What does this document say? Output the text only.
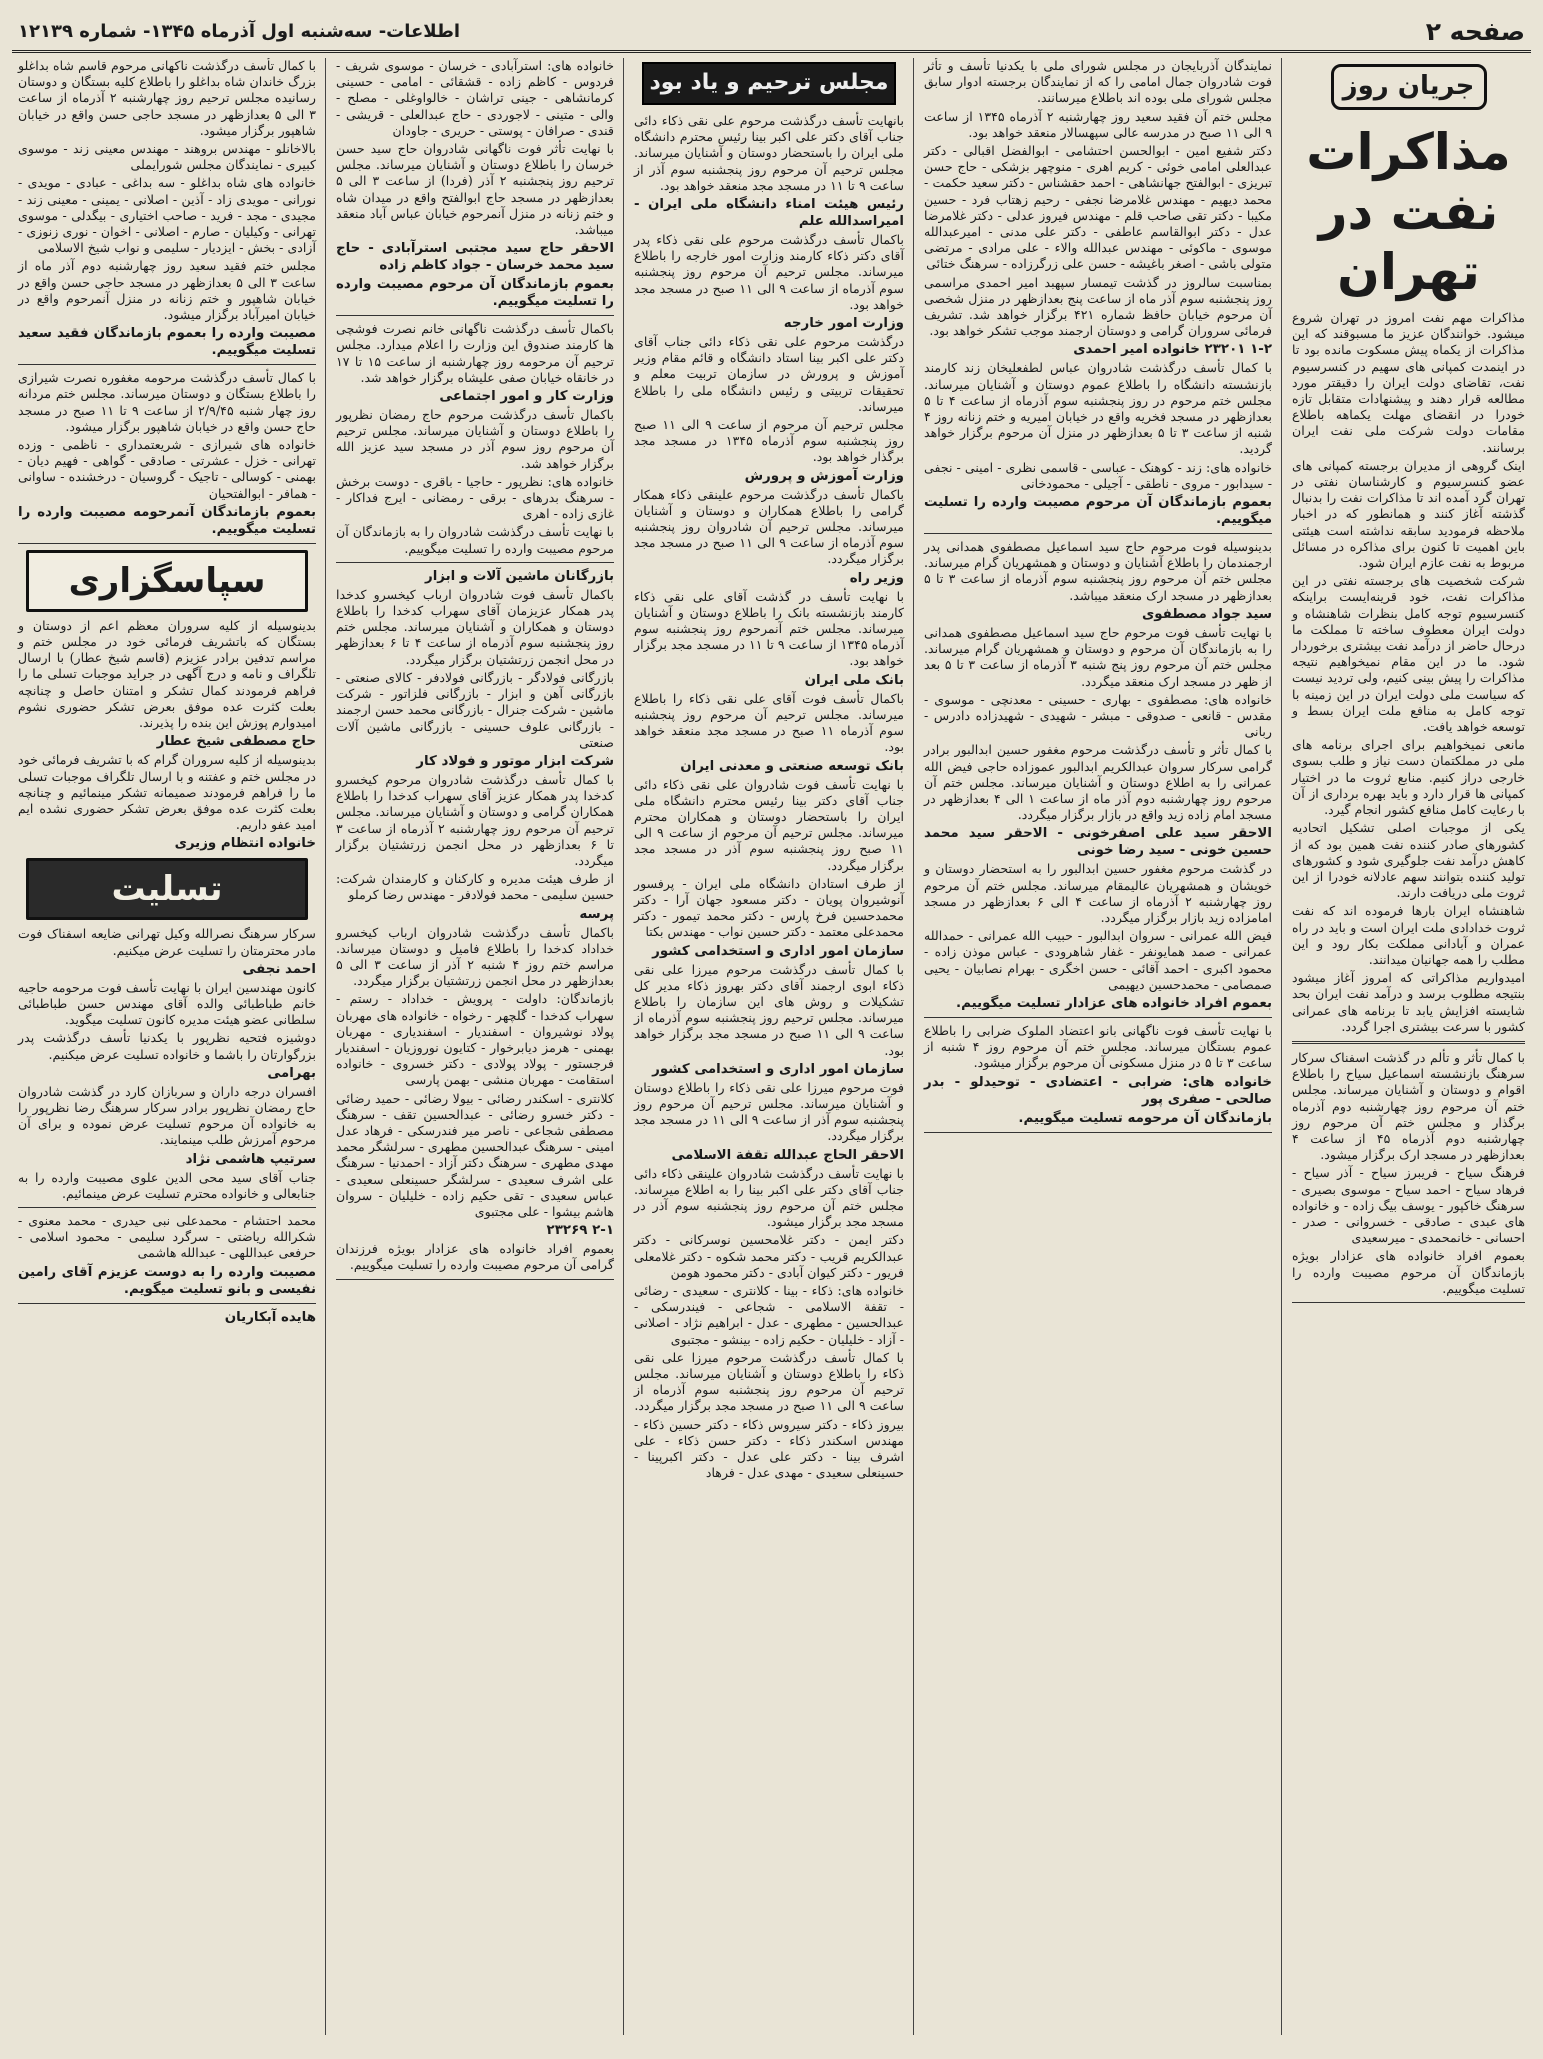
صفحه ۲
اطلاعات- سه‌شنبه اول آذرماه ۱۳۴۵- شماره ۱۲۱۳۹
جریان روز
مذاکرات نفت در تهران

مذاکرات مهم نفت امروز در تهران شروع میشود. خوانندگان عزیز ما مسبوقند که این مذاکرات از یکماه پیش مسکوت مانده بود تا در اینمدت کمپانی های سهیم در کنسرسیوم نفت، تقاضای دولت ایران را دقیقتر مورد مطالعه قرار دهند و پیشنهادات متقابل تازه خودرا در انقضای مهلت یکماهه باطلاع مقامات دولت شرکت ملی نفت ایران برسانند.

اینک گروهی از مدیران برجسته کمپانی های عضو کنسرسیوم و کارشناسان نفتی در تهران گرد آمده اند تا مذاکرات نفت را بدنبال گذشته آغاز کنند و همانطور که در اخبار ملاحظه فرمودید سابقه نداشته است هیئتی باین اهمیت تا کنون برای مذاکره در مسائل مربوط به نفت عازم ایران شود.

شرکت شخصیت های برجسته نفتی در این مذاکرات نفت، خود قرینه‌ایست براینکه کنسرسیوم توجه کامل بنظرات شاهنشاه و دولت ایران معطوف ساخته تا مملکت ما درحال حاضر از درآمد نفت بیشتری برخوردار شود. ما در این مقام نمیخواهیم نتیجه مذاکرات را پیش بینی کنیم، ولی تردید نیست که سیاست ملی دولت ایران در این زمینه با توجه کامل به منافع ملت ایران بسط و توسعه خواهد یافت.

مانعی نمیخواهیم برای اجرای برنامه های ملی در مملکتمان دست نیاز و طلب بسوی خارجی دراز کنیم. منابع ثروت ما در اختیار کمپانی ها قرار دارد و باید بهره برداری از آن با رعایت کامل منافع کشور انجام گیرد.

یکی از موجبات اصلی تشکیل اتحادیه کشورهای صادر کننده نفت همین بود که از کاهش درآمد نفت جلوگیری شود و کشورهای تولید کننده بتوانند سهم عادلانه خودرا از این ثروت ملی دریافت دارند.

شاهنشاه ایران بارها فرموده اند که نفت ثروت خدادادی ملت ایران است و باید در راه عمران و آبادانی مملکت بکار رود و این مطلب را همه جهانیان میدانند.

امیدواریم مذاکراتی که امروز آغاز میشود بنتیجه مطلوب برسد و درآمد نفت ایران بحد شایسته افزایش یابد تا برنامه های عمرانی کشور با سرعت بیشتری اجرا گردد.

با کمال تأثر و تألم در گذشت اسفناک سرکار سرهنگ بازنشسته اسماعیل سیاح را باطلاع اقوام و دوستان و آشنایان میرساند. مجلس ختم آن مرحوم روز چهارشنبه دوم آذرماه برگذار و مجلس ختم آن مرحوم روز چهارشنبه دوم آذرماه ۴۵ از ساعت ۴ بعدازظهر در مسجد ارک برگزار میشود.

فرهنگ سیاح - فریبرز سیاح - آذر سیاح - فرهاد سیاح - احمد سیاح - موسوی بصیری - سرهنگ خاکپور - یوسف بیگ زاده - و خانواده های عبدی - صادقی - خسروانی - صدر - احسانی - خانمحمدی - میرسعیدی

بعموم افراد خانواده های عزادار بویژه بازماندگان آن مرحوم مصیبت وارده را تسلیت میگوییم.

نمایندگان آذربایجان در مجلس شورای ملی با یکدنیا تأسف و تأثر فوت شادروان جمال امامی را که از نمایندگان برجسته ادوار سابق مجلس شورای ملی بوده اند باطلاع میرسانند.

مجلس ختم آن فقید سعید روز چهارشنبه ۲ آذرماه ۱۳۴۵ از ساعت ۹ الی ۱۱ صبح در مدرسه عالی سپهسالار منعقد خواهد بود.

دکتر شفیع امین - ابوالحسن احتشامی - ابوالفضل اقبالی - دکتر عبدالعلی امامی خوئی - کریم اهری - منوچهر بزشکی - حاج حسن تبریزی - ابوالفتح جهانشاهی - احمد حقشناس - دکتر سعید حکمت - محمد دیهیم - مهندس غلامرضا نجفی - رحیم زهتاب فرد - حسین مکیبا - دکتر تقی صاحب قلم - مهندس فیروز عدلی - دکتر غلامرضا عدل - دکتر ابوالقاسم عاطفی - دکتر علی مدنی - امیرعبدالله موسوی - ماکوئی - مهندس عبدالله والاء - علی مرادی - مرتضی متولی باشی - اصغر باغیشه - حسن علی زرگرزاده - سرهنگ ختائی

بمناسبت سالروز در گذشت تیمسار سپهبد امیر احمدی مراسمی روز پنجشنبه سوم آذر ماه از ساعت پنج بعدازظهر در منزل شخصی آن مرحوم خیابان حافظ شماره ۴۲۱ برگزار خواهد شد. تشریف فرمائی سروران گرامی و دوستان ارجمند موجب تشکر خواهد بود.

۱-۲ ۲۳۲۰۱ خانواده امیر احمدی

با کمال تأسف درگذشت شادروان عباس لطفعلیخان زند کارمند بازنشسته دانشگاه را باطلاع عموم دوستان و آشنایان میرساند. مجلس ختم مرحوم در روز پنجشنبه سوم آذرماه از ساعت ۴ تا ۵ بعدازظهر در مسجد فخریه واقع در خیابان امیریه و ختم زنانه روز ۴ شنبه از ساعت ۳ تا ۵ بعدازظهر در منزل آن مرحوم برگزار خواهد گردید.

خانواده های: زند - کوهنک - عباسی - قاسمی نظری - امینی - نجفی - سیدابور - مروی - ناطقی - آجیلی - محمودخانی

بعموم بازماندگان آن مرحوم مصیبت وارده را تسلیت میگوییم.

بدینوسیله فوت مرحوم حاج سید اسماعیل مصطفوی همدانی پدر ارجمندمان را باطلاع آشنایان و دوستان و همشهریان گرام میرساند. مجلس ختم آن مرحوم روز پنجشنبه سوم آذرماه از ساعت ۳ تا ۵ بعدازظهر در مسجد ارک منعقد میباشد.

سید جواد مصطفوی

با نهایت تأسف فوت مرحوم حاج سید اسماعیل مصطفوی همدانی را به بازماندگان آن مرحوم و دوستان و همشهریان گرام میرساند. مجلس ختم آن مرحوم روز پنج شنبه ۳ آذرماه از ساعت ۳ تا ۵ بعد از ظهر در مسجد ارک منعقد میگردد.

خانواده های: مصطفوی - بهاری - حسینی - معدنچی - موسوی - مقدس - قانعی - صدوقی - مبشر - شهیدی - شهیدزاده دادرس - ربانی

با کمال تأثر و تأسف درگذشت مرحوم مغفور حسین ابدالبور برادر گرامی سرکار سروان عبدالکریم ابدالبور عموزاده حاجی فیض الله عمرانی را به اطلاع دوستان و آشنایان میرساند. مجلس ختم آن مرحوم روز چهارشنبه دوم آذر ماه از ساعت ۱ الی ۴ بعدازظهر در مسجد امام زاده زید واقع در بازار برگزار میگردد.

الاحقر سید علی اصفرخونی - الاحقر سید محمد حسین خونی - سید رضا خونی

در گذشت مرحوم مغفور حسین ابدالبور را به استحضار دوستان و خویشان و همشهریان عالیمقام میرساند. مجلس ختم آن مرحوم روز چهارشنبه ۲ آذرماه از ساعت ۴ الی ۶ بعدازظهر در مسجد امامزاده زید بازار برگزار میگردد.

فیض الله عمرانی - سروان ابدالبور - حبیب الله عمرانی - حمدالله عمرانی - صمد همایونفر - غفار شاهرودی - عباس موذن زاده - محمود اکبری - احمد آقائی - حسن اخگری - بهرام نصابیان - یحیی صمصامی - محمدحسین دیهیمی

بعموم افراد خانواده های عزادار تسلیت میگوییم.

با نهایت تأسف فوت ناگهانی بانو اعتضاد الملوک ضرابی را باطلاع عموم بستگان میرساند. مجلس ختم آن مرحوم روز ۴ شنبه از ساعت ۳ تا ۵ در منزل مسکونی آن مرحوم برگزار میشود.

خانواده های: ضرابی - اعتضادی - توحیدلو - بدر صالحی - صفری پور

بازماندگان آن مرحومه تسلیت میگوییم.

مجلس ترحیم و یاد بود

بانهایت تأسف درگذشت مرحوم علی نقی ذکاء دائی جناب آقای دکتر علی اکبر بینا رئیس محترم دانشگاه ملی ایران را باستحضار دوستان و آشنایان میرساند. مجلس ترحیم آن مرحوم روز پنجشنبه سوم آذر از ساعت ۹ تا ۱۱ در مسجد مجد منعقد خواهد بود.

رئیس هیئت امناء دانشگاه ملی ایران - امیراسدالله علم

باکمال تأسف درگذشت مرحوم علی نقی ذکاء پدر آقای دکتر ذکاء کارمند وزارت امور خارجه را باطلاع میرساند. مجلس ترحیم آن مرحوم روز پنجشنبه سوم آذرماه از ساعت ۹ الی ۱۱ صبح در مسجد مجد خواهد بود.

وزارت امور خارجه

درگذشت مرحوم علی نقی ذکاء دائی جناب آقای دکتر علی اکبر بینا استاد دانشگاه و قائم مقام وزیر آموزش و پرورش در سازمان تربیت معلم و تحقیقات تربیتی و رئیس دانشگاه ملی را باطلاع میرساند.

مجلس ترحیم آن مرحوم از ساعت ۹ الی ۱۱ صبح روز پنجشنبه سوم آذرماه ۱۳۴۵ در مسجد مجد برگذار خواهد بود.

وزارت آموزش و پرورش

باکمال تأسف درگذشت مرحوم علینقی ذکاء همکار گرامی را باطلاع همکاران و دوستان و آشنایان میرساند. مجلس ترحیم آن شادروان روز پنجشنبه سوم آذرماه از ساعت ۹ الی ۱۱ صبح در مسجد مجد برگزار میگردد.

وزیر راه

با نهایت تأسف در گذشت آقای علی نقی ذکاء کارمند بازنشسته بانک را باطلاع دوستان و آشنایان میرساند. مجلس ختم آنمرحوم روز پنجشنبه سوم آذرماه ۱۳۴۵ از ساعت ۹ تا ۱۱ در مسجد مجد برگزار خواهد بود.

بانک ملی ایران

باکمال تأسف فوت آقای علی نقی ذکاء را باطلاع میرساند. مجلس ترحیم آن مرحوم روز پنجشنبه سوم آذرماه ۱۱ صبح در مسجد مجد منعقد خواهد بود.

بانک توسعه صنعتی و معدنی ایران

با نهایت تأسف فوت شادروان علی نقی ذکاء دائی جناب آقای دکتر بینا رئیس محترم دانشگاه ملی ایران را باستحضار دوستان و همکاران محترم میرساند. مجلس ترحیم آن مرحوم از ساعت ۹ الی ۱۱ صبح روز پنجشنبه سوم آذر در مسجد مجد برگزار میگردد.

از طرف استادان دانشگاه ملی ایران - پرفسور آنوشیروان پویان - دکتر مسعود جهان آرا - دکتر محمدحسین فرخ پارس - دکتر محمد تیمور - دکتر محمدعلی معتمد - دکتر حسین نواب - مهندس بکتا

سازمان امور اداری و استخدامی کشور

با کمال تأسف درگذشت مرحوم میرزا علی نقی ذکاء ابوی ارجمند آقای دکتر بهروز ذکاء مدیر کل تشکیلات و روش های این سازمان را باطلاع میرساند. مجلس ترحیم روز پنجشنبه سوم آذرماه از ساعت ۹ الی ۱۱ صبح در مسجد مجد برگزار خواهد بود.

سازمان امور اداری و استخدامی کشور

فوت مرحوم میرزا علی نقی ذکاء را باطلاع دوستان و آشنایان میرساند. مجلس ترحیم آن مرحوم روز پنجشنبه سوم آذر از ساعت ۹ الی ۱۱ در مسجد مجد برگزار میگردد.

الاحقر الحاج عبدالله تقفة الاسلامی

با نهایت تأسف درگذشت شادروان علینقی ذکاء دائی جناب آقای دکتر علی اکبر بینا را به اطلاع میرساند. مجلس ختم آن مرحوم روز پنجشنبه سوم آذر در مسجد مجد برگزار میشود.

دکتر ایمن - دکتر غلامحسین نوسرکانی - دکتر عبدالکریم قریب - دکتر محمد شکوه - دکتر غلامعلی فریور - دکتر کیوان آبادی - دکتر محمود هومن

خانواده های: ذکاء - بینا - کلانتری - سعیدی - رضائی - تقفة الاسلامی - شجاعی - فیندرسکی - عبدالحسین - مطهری - عدل - ابراهیم نژاد - اصلانی - آزاد - خلیلیان - حکیم زاده - بینشو - مجتبوی

با کمال تأسف درگذشت مرحوم میرزا علی نقی ذکاء را باطلاع دوستان و آشنایان میرساند. مجلس ترحیم آن مرحوم روز پنجشنبه سوم آذرماه از ساعت ۹ الی ۱۱ صبح در مسجد مجد برگزار میگردد.

بیروز ذکاء - دکتر سیروس ذکاء - دکتر حسین ذکاء - مهندس اسکندر ذکاء - دکتر حسن ذکاء - علی اشرف بینا - دکتر علی عدل - دکتر اکبرپینا - حسینعلی سعیدی - مهدی عدل - فرهاد

خانواده های: استرآبادی - خرسان - موسوی شریف - فردوس - کاظم زاده - قشقائی - امامی - حسینی کرمانشاهی - جینی تراشان - خالواوغلی - مصلح - والی - متینی - لاجوردی - حاج عبدالعلی - قریشی - قندی - صرافان - پوستی - حریری - جاودان

با نهایت تأثر فوت ناگهانی شادروان حاج سید حسن خرسان را باطلاع دوستان و آشنایان میرساند. مجلس ترحیم روز پنجشنبه ۲ آذر (فردا) از ساعت ۳ الی ۵ بعدازظهر در مسجد حاج ابوالفتح واقع در میدان شاه و ختم زنانه در منزل آنمرحوم خیابان عباس آباد منعقد میباشد.

الاحقر حاج سید مجتبی استرآبادی - حاج سید محمد خرسان - جواد کاظم زاده

بعموم بازماندگان آن مرحوم مصیبت وارده را تسلیت میگوییم.

باکمال تأسف درگذشت ناگهانی خانم نصرت فوشچی ها کارمند صندوق این وزارت را اعلام میدارد. مجلس ترحیم آن مرحومه روز چهارشنبه از ساعت ۱۵ تا ۱۷ در خانقاه خیابان صفی علیشاه برگزار خواهد شد.

وزارت کار و امور اجتماعی

باکمال تأسف درگذشت مرحوم حاج رمضان نظرپور را باطلاع دوستان و آشنایان میرساند. مجلس ترحیم آن مرحوم روز سوم آذر در مسجد سید عزیز الله برگزار خواهد شد.

خانواده های: نظرپور - حاجیا - باقری - دوست برخش - سرهنگ بدرهای - برقی - رمضانی - ایرج فداکار - غازی زاده - اهری

با نهایت تأسف درگذشت شادروان را به بازماندگان آن مرحوم مصیبت وارده را تسلیت میگوییم.

بازرگانان ماشین آلات و ابزار

باکمال تأسف فوت شادروان ارباب کیخسرو کدخدا پدر همکار عزیزمان آقای سهراب کدخدا را باطلاع دوستان و همکاران و آشنایان میرساند. مجلس ختم روز پنجشنبه سوم آذرماه از ساعت ۴ تا ۶ بعدازظهر در محل انجمن زرتشتیان برگزار میگردد.

بازرگانی فولادگر - بازرگانی فولادفر - کالای صنعتی - بازرگانی آهن و ابزار - بازرگانی فلزاتور - شرکت ماشین - شرکت جنرال - بازرگانی محمد حسن ارجمند - بازرگانی علوف حسینی - بازرگانی ماشین آلات صنعتی

شرکت ابزار موتور و فولاد کار

با کمال تأسف درگذشت شادروان مرحوم کیخسرو کدخدا پدر همکار عزیز آقای سهراب کدخدا را باطلاع همکاران گرامی و دوستان و آشنایان میرساند. مجلس ترحیم آن مرحوم روز چهارشنبه ۲ آذرماه از ساعت ۳ تا ۶ بعدازظهر در محل انجمن زرتشتیان برگزار میگردد.

از طرف هیئت مدیره و کارکنان و کارمندان شرکت: حسین سلیمی - محمد فولادفر - مهندس رضا کرملو

پرسه

باکمال تأسف درگذشت شادروان ارباب کیخسرو خداداد کدخدا را باطلاع فامیل و دوستان میرساند. مراسم ختم روز ۴ شنبه ۲ آذر از ساعت ۳ الی ۵ بعدازظهر در محل انجمن زرتشتیان برگزار میگردد.

بازماندگان: داولت - پرویش - خداداد - رستم - سهراب کدخدا - گلچهر - رخواه - خانواده های مهربان پولاد نوشیروان - اسفندیار - اسفندیاری - مهربان بهمنی - هرمز دیابرخوار - کتایون نوروزیان - اسفندیار فرجستور - پولاد پولادی - دکتر خسروی - خانواده استقامت - مهربان منشی - بهمن پارسی

کلانتری - اسکندر رضائی - بیولا رضائی - حمید رضائی - دکتر خسرو رضائی - عبدالحسین تقف - سرهنگ مصطفی شجاعی - ناصر میر فندرسکی - فرهاد عدل امینی - سرهنگ عبدالحسین مطهری - سرلشگر محمد مهدی مطهری - سرهنگ دکتر آزاد - احمدنیا - سرهنگ علی اشرف سعیدی - سرلشگر حسینعلی سعیدی - عباس سعیدی - تقی حکیم زاده - خلیلیان - سروان هاشم بیشوا - علی مجتبوی

۲-۱ ۲۳۲۶۹

بعموم افراد خانواده های عزادار بویژه فرزندان گرامی آن مرحوم مصیبت وارده را تسلیت میگوییم.

با کمال تأسف درگذشت ناکهانی مرحوم قاسم شاه بداغلو بزرگ خاندان شاه بداغلو را باطلاع کلیه بستگان و دوستان رسانیده مجلس ترحیم روز چهارشنبه ۲ آذرماه از ساعت ۳ الی ۵ بعدازظهر در مسجد حاجی حسن واقع در خیابان شاهپور برگزار میشود.

بالاخانلو - مهندس بروهند - مهندس معینی زند - موسوی کبیری - نمایندگان مجلس شورایملی

خانواده های شاه بداغلو - سه بداغی - عبادی - مویدی - نورانی - مویدی زاد - آذین - اصلانی - یمینی - معینی زند - مجیدی - مجد - فرید - صاحب اختیاری - بیگدلی - موسوی تهرانی - وکیلیان - صارم - اصلانی - اخوان - نوری زنوزی - آزادی - بخش - ایزدیار - سلیمی و نواب شیخ الاسلامی

مجلس ختم فقید سعید روز چهارشنبه دوم آذر ماه از ساعت ۳ الی ۵ بعدازظهر در مسجد حاجی حسن واقع در خیابان شاهپور و ختم زنانه در منزل آنمرحوم واقع در خیابان امیرآباد برگزار میشود.

مصیبت وارده را بعموم بازماندگان فقید سعید تسلیت میگوییم.

با کمال تأسف درگذشت مرحومه مغفوره نصرت شیرازی را باطلاع بستگان و دوستان میرساند. مجلس ختم مردانه روز چهار شنبه ۲/۹/۴۵ از ساعت ۹ تا ۱۱ صبح در مسجد حاج حسن واقع در خیابان شاهپور برگزار میشود.

خانواده های شیرازی - شریعتمداری - ناظمی - وزده تهرانی - خزل - عشرتی - صادقی - گواهی - فهیم دیان - بهمنی - کوسالی - تاجیک - گروسیان - درخشنده - ساوانی - همافر - ابوالفتحیان

بعموم بازماندگان آنمرحومه مصیبت وارده را تسلیت میگوییم.

سپاسگزاری

بدینوسیله از کلیه سروران معظم اعم از دوستان و بستگان که باتشریف فرمائی خود در مجلس ختم و مراسم تدفین برادر عزیزم (قاسم شیخ عطار) با ارسال تلگراف و نامه و درج آگهی در جراید موجبات تسلی ما را فراهم فرمودند کمال تشکر و امتنان حاصل و چنانچه بعلت کثرت عده موفق بعرض تشکر حضوری نشوم امیدوارم پوزش این بنده را پذیرند.

حاج مصطفی شیخ عطار

بدینوسیله از کلیه سروران گرام که با تشریف فرمائی خود در مجلس ختم و عفتنه و با ارسال تلگراف موجبات تسلی ما را فراهم فرمودند صمیمانه تشکر مینمائیم و چنانچه بعلت کثرت عده موفق بعرض تشکر حضوری نشده ایم امید عفو داریم.

خانواده انتظام وزیری

تسلیت

سرکار سرهنگ نصرالله وکیل تهرانی ضایعه اسفناک فوت مادر محترمتان را تسلیت عرض میکنیم.

احمد نجفی

کانون مهندسین ایران با نهایت تأسف فوت مرحومه حاجیه خانم طباطبائی والده آقای مهندس حسن طباطبائی سلطانی عضو هیئت مدیره کانون تسلیت میگوید.

دوشیزه فتحیه نظرپور با یکدنیا تأسف درگذشت پدر بزرگوارتان را باشما و خانواده تسلیت عرض میکنیم.

بهرامی

افسران درجه داران و سربازان کارد در گذشت شادروان حاج رمضان نظرپور برادر سرکار سرهنگ رضا نظرپور را به خانواده آن مرحوم تسلیت عرض نموده و برای آن مرحوم آمرزش طلب مینمایند.

سرتیپ هاشمی نژاد

جناب آقای سید محی الدین علوی مصیبت وارده را به جنابعالی و خانواده محترم تسلیت عرض مینمائیم.

محمد احتشام - محمدعلی نبی حیدری - محمد معنوی - شکرالله ریاضتی - سرگرد سلیمی - محمود اسلامی - حرفعی عبداللهی - عبدالله هاشمی

مصیبت وارده را به دوست عزیزم آقای رامین نفیسی و بانو تسلیت میگویم.

هایده آبکاریان
